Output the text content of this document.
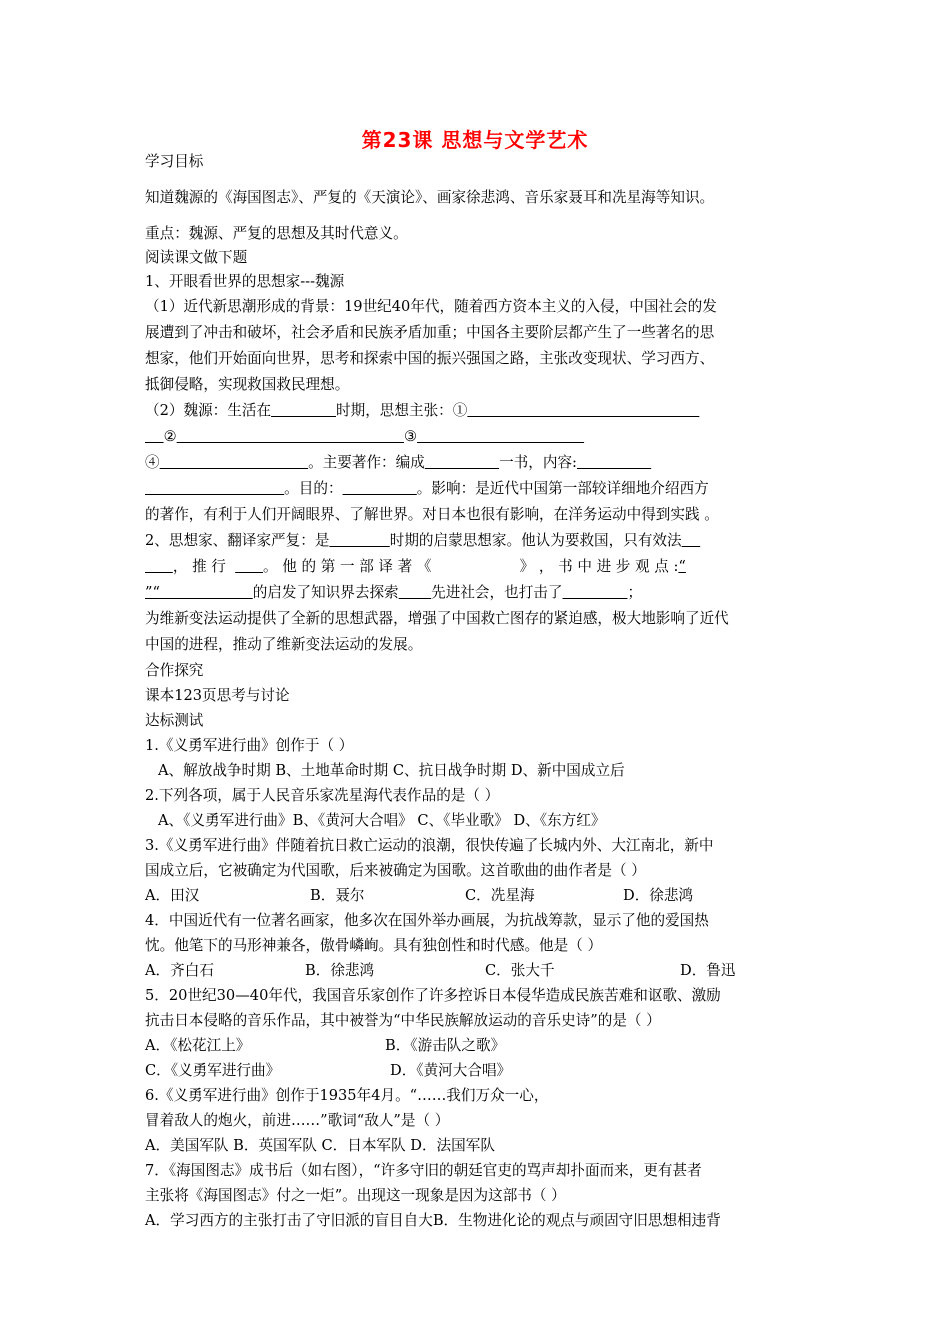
第23课 思想与文学艺术
学习目标
知道魏源的《海国图志》、严复的《天演论》、画家徐悲鸿、音乐家聂耳和冼星海等知识。
重点：魏源、严复的思想及其时代意义。
阅读课文做下题
1、开眼看世界的思想家---魏源
（1）近代新思潮形成的背景：19世纪40年代，随着西方资本主义的入侵，中国社会的发
展遭到了冲击和破坏，社会矛盾和民族矛盾加重；中国各主要阶层都产生了一些著名的思
想家，他们开始面向世界，思考和探索中国的振兴强国之路，主张改变现状、学习西方、
抵御侵略，实现救国救民理想。
（2）魏源：生活在	时期，思想主张：①
②	③
④	。主要著作：编成	一书，内容:
。目的：	。影响：是近代中国第一部较详细地介绍西方
的著作，有利于人们开阔眼界、了解世界。对日本也很有影响，在洋务运动中得到实践 。
2、思想家、翻译家严复：是	时期的启蒙思想家。他认为要救国，只有效法
， 推 行	。 他 的 第 一 部 译 著 《	》 ， 书 中 进 步 观 点 :“
”“	的启发了知识界去探索 先进社会，也打击了	；
为维新变法运动提供了全新的思想武器，增强了中国救亡图存的紧迫感，极大地影响了近代
中国的进程，推动了维新变法运动的发展。
合作探究
课本123页思考与讨论
达标测试
1.《义勇军进行曲》创作于（ ）
A、解放战争时期 B、土地革命时期 C、抗日战争时期 D、新中国成立后
2.下列各项，属于人民音乐家冼星海代表作品的是（ ）
A、《义勇军进行曲》B、《黄河大合唱》 C、《毕业歌》 D、《东方红》
3.《义勇军进行曲》伴随着抗日救亡运动的浪潮，很快传遍了长城内外、大江南北，新中
国成立后，它被确定为代国歌，后来被确定为国歌。这首歌曲的曲作者是（ ）
A．田汉	B．聂尔	C．冼星海	D．徐悲鸿
4．中国近代有一位著名画家，他多次在国外举办画展，为抗战筹款，显示了他的爱国热
忱。他笔下的马形神兼各，傲骨嶙峋。具有独创性和时代感。他是（ ）
A．齐白石	B．徐悲鸿	C．张大千	D．鲁迅
5．20世纪30—40年代，我国音乐家创作了许多控诉日本侵华造成民族苦难和讴歌、激励
抗击日本侵略的音乐作品，其中被誉为“中华民族解放运动的音乐史诗”的是（ ）
A．《松花江上》	B．《游击队之歌》
C．《义勇军进行曲》	D．《黄河大合唱》
6.《义勇军进行曲》创作于1935年4月。“……我们万众一心，
冒着敌人的炮火，前进……”歌词“敌人”是（ ）
A．美国军队 B．英国军队 C．日本军队 D．法国军队
7．《海国图志》成书后（如右图），“许多守旧的朝廷官吏的骂声却扑面而来，更有甚者
主张将《海国图志》付之一炬”。出现这一现象是因为这部书（ ）
A．学习西方的主张打击了守旧派的盲目自大B．生物进化论的观点与顽固守旧思想相违背
